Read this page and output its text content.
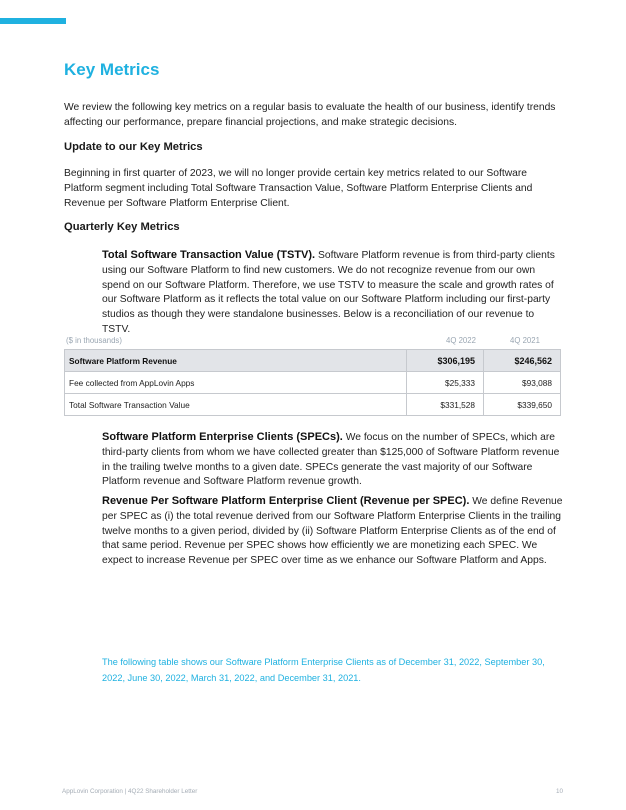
Key Metrics

We review the following key metrics on a regular basis to evaluate the health of our business, identify trends affecting our performance, prepare financial projections, and make strategic decisions.

Update to our Key Metrics

Beginning in first quarter of 2023, we will no longer provide certain key metrics related to our Software Platform segment including Total Software Transaction Value, Software Platform Enterprise Clients and Revenue per Software Platform Enterprise Client.

Quarterly Key Metrics

Total Software Transaction Value (TSTV). Software Platform revenue is from third-party clients using our Software Platform to find new customers. We do not recognize revenue from our own spend on our Software Platform. Therefore, we use TSTV to measure the scale and growth rates of our Software Platform as it reflects the total value on our Software Platform including our first-party studios as though they were standalone businesses. Below is a reconciliation of our revenue to TSTV.

($ in thousands)	4Q 2022	4Q 2021
Software Platform Revenue	$306,195	$246,562
Fee collected from AppLovin Apps	$25,333	$93,088
Total Software Transaction Value	$331,528	$339,650

Software Platform Enterprise Clients (SPECs). We focus on the number of SPECs, which are third-party clients from whom we have collected greater than $125,000 of Software Platform revenue in the trailing twelve months to a given date. SPECs generate the vast majority of our Software Platform revenue and Software Platform revenue growth.

Revenue Per Software Platform Enterprise Client (Revenue per SPEC). We define Revenue per SPEC as (i) the total revenue derived from our Software Platform Enterprise Clients in the trailing twelve months to a given period, divided by (ii) Software Platform Enterprise Clients as of the end of that same period. Revenue per SPEC shows how efficiently we are monetizing each SPEC. We expect to increase Revenue per SPEC over time as we enhance our Software Platform and Apps.

The following table shows our Software Platform Enterprise Clients as of December 31, 2022, September 30, 2022, June 30, 2022, March 31, 2022, and December 31, 2021.

AppLovin Corporation | 4Q22 Shareholder Letter	10
